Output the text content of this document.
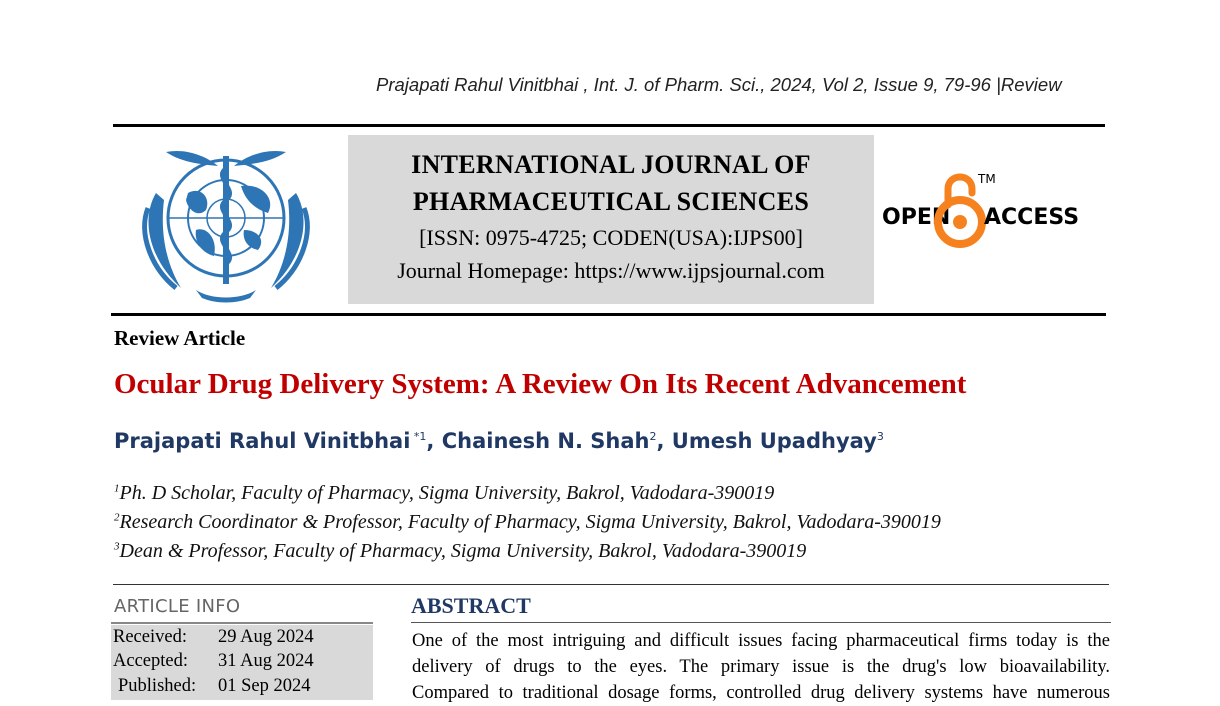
Prajapati Rahul Vinitbhai , Int. J. of Pharm. Sci., 2024, Vol 2, Issue 9, 79-96 |Review
INTERNATIONAL JOURNAL OF
PHARMACEUTICAL SCIENCES
[ISSN: 0975-4725; CODEN(USA):IJPS00]
Journal Homepage: https://www.ijpsjournal.com
OPEN
TM
ACCESS
Review Article
Ocular Drug Delivery System: A Review On Its Recent Advancement
Prajapati Rahul Vinitbhai $^{*1}$, Chainesh N. Shah$^2$, Umesh Upadhyay$^3$
$^1$Ph. D Scholar, Faculty of Pharmacy, Sigma University, Bakrol, Vadodara-390019
$^2$Research Coordinator & Professor, Faculty of Pharmacy, Sigma University, Bakrol, Vadodara-390019
$^3$Dean & Professor, Faculty of Pharmacy, Sigma University, Bakrol, Vadodara-390019
ARTICLE INFO
Received: 29 Aug 2024
Accepted: 31 Aug 2024
Published: 01 Sep 2024
ABSTRACT
One of the most intriguing and difficult issues facing pharmaceutical firms today is the
delivery of drugs to the eyes. The primary issue is the drug's low bioavailability.
Compared to traditional dosage forms, controlled drug delivery systems have numerous
